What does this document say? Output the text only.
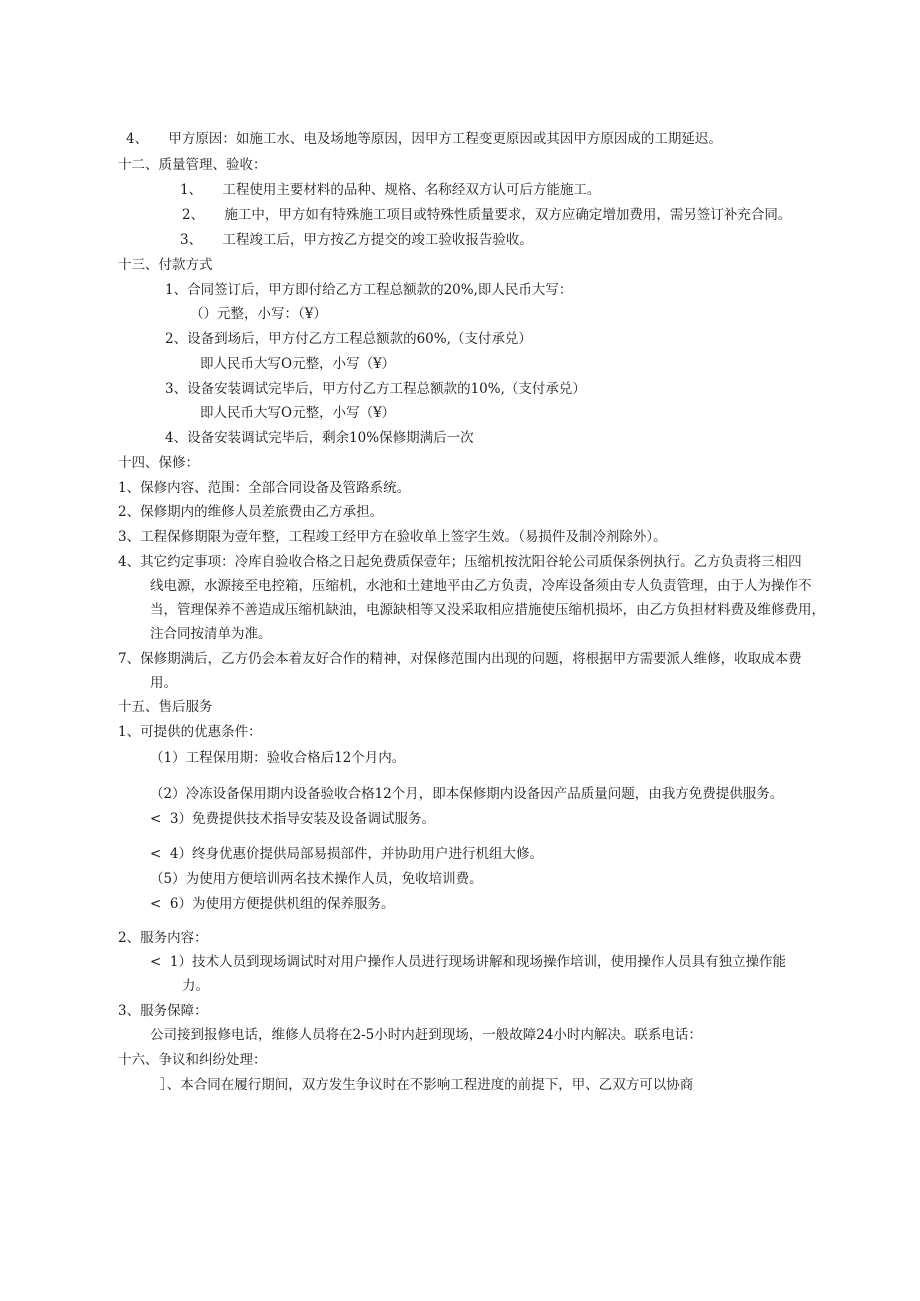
4、　　甲方原因：如施工水、电及场地等原因，因甲方工程变更原因或其因甲方原因成的工期延迟。
十二、质量管理、验收：
1、　　工程使用主要材料的品种、规格、名称经双方认可后方能施工。
2、　　施工中，甲方如有特殊施工项目或特殊性质量要求，双方应确定增加费用，需另签订补充合同。
3、　　工程竣工后，甲方按乙方提交的竣工验收报告验收。
十三、付款方式
1、合同签订后，甲方即付给乙方工程总额款的20%,即人民币大写：
（）元整，小写：（¥）
2、设备到场后，甲方付乙方工程总额款的60%,（支付承兑）
即人民币大写O元整，小写（¥）
3、设备安装调试完毕后，甲方付乙方工程总额款的10%,（支付承兑）
即人民币大写O元整，小写（¥）
4、设备安装调试完毕后，剩余10%保修期满后一次
十四、保修：
1、保修内容、范围：全部合同设备及管路系统。
2、保修期内的维修人员差旅费由乙方承担。
3、工程保修期限为壹年整，工程竣工经甲方在验收单上签字生效。（易损件及制冷剂除外）。
4、其它约定事项：冷库自验收合格之日起免费质保壹年；压缩机按沈阳谷轮公司质保条例执行。乙方负责将三相四
线电源，水源接至电控箱，压缩机，水池和土建地平由乙方负责，冷库设备须由专人负责管理，由于人为操作不
当，管理保养不善造成压缩机缺油，电源缺相等又没采取相应措施使压缩机损坏，由乙方负担材料费及维修费用，
注合同按清单为准。
7、保修期满后，乙方仍会本着友好合作的精神，对保修范围内出现的问题，将根据甲方需要派人维修，收取成本费
用。
十五、售后服务
1、可提供的优惠条件：
（1）工程保用期：验收合格后12个月内。
（2）冷冻设备保用期内设备验收合格12个月，即本保修期内设备因产品质量问题，由我方免费提供服务。
<  3）免费提供技术指导安装及设备调试服务。
<  4）终身优惠价提供局部易损部件，并协助用户进行机组大修。
（5）为使用方便培训两名技术操作人员，免收培训费。
<  6）为使用方便提供机组的保养服务。
2、服务内容：
<  1）技术人员到现场调试时对用户操作人员进行现场讲解和现场操作培训，使用操作人员具有独立操作能
力。
3、服务保障：
公司接到报修电话，维修人员将在2-5小时内赶到现场，一般故障24小时内解决。联系电话：
十六、争议和纠纷处理：
］、本合同在履行期间，双方发生争议时在不影响工程进度的前提下，甲、乙双方可以协商
